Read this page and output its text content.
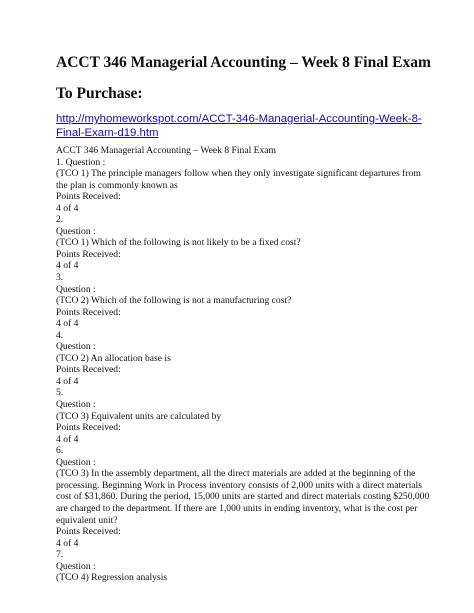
ACCT 346 Managerial Accounting – Week 8 Final Exam
To Purchase:
http://myhomeworkspot.com/ACCT-346-Managerial-Accounting-Week-8-
Final-Exam-d19.htm
ACCT 346 Managerial Accounting – Week 8 Final Exam
1. Question :
(TCO 1) The principle managers follow when they only investigate significant departures from
the plan is commonly known as
Points Received:
4 of 4
2.
Question :
(TCO 1) Which of the following is not likely to be a fixed cost?
Points Received:
4 of 4
3.
Question :
(TCO 2) Which of the following is not a manufacturing cost?
Points Received:
4 of 4
4.
Question :
(TCO 2) An allocation base is
Points Received:
4 of 4
5.
Question :
(TCO 3) Equivalent units are calculated by
Points Received:
4 of 4
6.
Question :
(TCO 3) In the assembly department, all the direct materials are added at the beginning of the
processing. Beginning Work in Process inventory consists of 2,000 units with a direct materials
cost of $31,860. During the period, 15,000 units are started and direct materials costing $250,000
are charged to the department. If there are 1,000 units in ending inventory, what is the cost per
equivalent unit?
Points Received:
4 of 4
7.
Question :
(TCO 4) Regression analysis
